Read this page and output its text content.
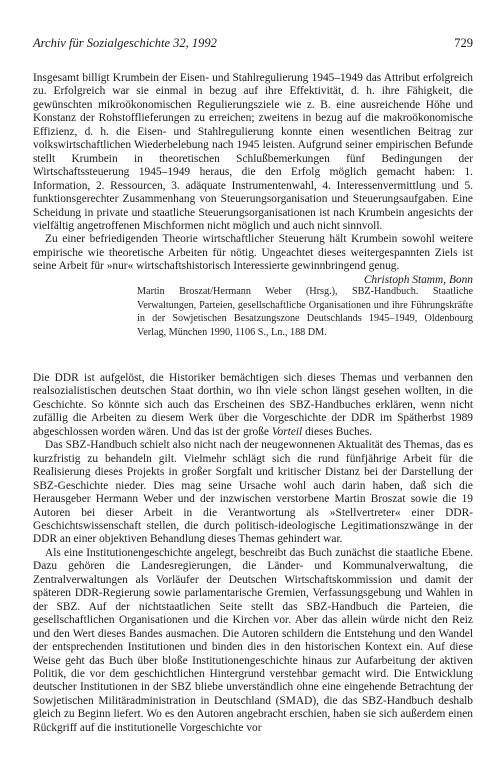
Archiv für Sozialgeschichte 32, 1992	729

Insgesamt billigt Krumbein der Eisen- und Stahlregulierung 1945–1949 das Attribut erfolgreich zu. Erfolgreich war sie einmal in bezug auf ihre Effektivität, d. h. ihre Fähigkeit, die gewünschten mikroökonomischen Regulierungsziele wie z. B. eine ausreichende Höhe und Konstanz der Rohstofflieferungen zu erreichen; zweitens in bezug auf die makroökonomische Effizienz, d. h. die Eisen- und Stahlregulierung konnte einen wesentlichen Beitrag zur volkswirtschaftlichen Wiederbelebung nach 1945 leisten. Aufgrund seiner empirischen Befunde stellt Krumbein in theoretischen Schlußbemerkungen fünf Bedingungen der Wirtschaftssteuerung 1945–1949 heraus, die den Erfolg möglich gemacht haben: 1. Information, 2. Ressourcen, 3. adäquate Instrumentenwahl, 4. Interessenvermittlung und 5. funktionsgerechter Zusammenhang von Steuerungsorganisation und Steuerungsaufgaben. Eine Scheidung in private und staatliche Steuerungsorganisationen ist nach Krumbein angesichts der vielfältig angetroffenen Mischformen nicht möglich und auch nicht sinnvoll.

Zu einer befriedigenden Theorie wirtschaftlicher Steuerung hält Krumbein sowohl weitere empirische wie theoretische Arbeiten für nötig. Ungeachtet dieses weitergespannten Ziels ist seine Arbeit für »nur« wirtschaftshistorisch Interessierte gewinnbringend genug.

Christoph Stamm, Bonn

Martin Broszat/Hermann Weber (Hrsg.), SBZ-Handbuch. Staatliche Verwaltungen, Parteien, gesellschaftliche Organisationen und ihre Führungskräfte in der Sowjetischen Besatzungszone Deutschlands 1945–1949, Oldenbourg Verlag, München 1990, 1106 S., Ln., 188 DM.

Die DDR ist aufgelöst, die Historiker bemächtigen sich dieses Themas und verbannen den realsozialistischen deutschen Staat dorthin, wo ihn viele schon längst gesehen wollten, in die Geschichte. So könnte sich auch das Erscheinen des SBZ-Handbuches erklären, wenn nicht zufällig die Arbeiten zu diesem Werk über die Vorgeschichte der DDR im Spätherbst 1989 abgeschlossen worden wären. Und das ist der große Vorteil dieses Buches.

Das SBZ-Handbuch schielt also nicht nach der neugewonnenen Aktualität des Themas, das es kurzfristig zu behandeln gilt. Vielmehr schlägt sich die rund fünfjährige Arbeit für die Realisierung dieses Projekts in großer Sorgfalt und kritischer Distanz bei der Darstellung der SBZ-Geschichte nieder. Dies mag seine Ursache wohl auch darin haben, daß sich die Herausgeber Hermann Weber und der inzwischen verstorbene Martin Broszat sowie die 19 Autoren bei dieser Arbeit in die Verantwortung als »Stellvertreter« einer DDR-Geschichtswissenschaft stellen, die durch politisch-ideologische Legitimationszwänge in der DDR an einer objektiven Behandlung dieses Themas gehindert war.

Als eine Institutionengeschichte angelegt, beschreibt das Buch zunächst die staatliche Ebene. Dazu gehören die Landesregierungen, die Länder- und Kommunalverwaltung, die Zentralverwaltungen als Vorläufer der Deutschen Wirtschaftskommission und damit der späteren DDR-Regierung sowie parlamentarische Gremien, Verfassungsgebung und Wahlen in der SBZ. Auf der nichtstaatlichen Seite stellt das SBZ-Handbuch die Parteien, die gesellschaftlichen Organisationen und die Kirchen vor. Aber das allein würde nicht den Reiz und den Wert dieses Bandes ausmachen. Die Autoren schildern die Entstehung und den Wandel der entsprechenden Institutionen und binden dies in den historischen Kontext ein. Auf diese Weise geht das Buch über bloße Institutionengeschichte hinaus zur Aufarbeitung der aktiven Politik, die vor dem geschichtlichen Hintergrund verstehbar gemacht wird. Die Entwicklung deutscher Institutionen in der SBZ bliebe unverständlich ohne eine eingehende Betrachtung der Sowjetischen Militäradministration in Deutschland (SMAD), die das SBZ-Handbuch deshalb gleich zu Beginn liefert. Wo es den Autoren angebracht erschien, haben sie sich außerdem einen Rückgriff auf die institutionelle Vorgeschichte vor
